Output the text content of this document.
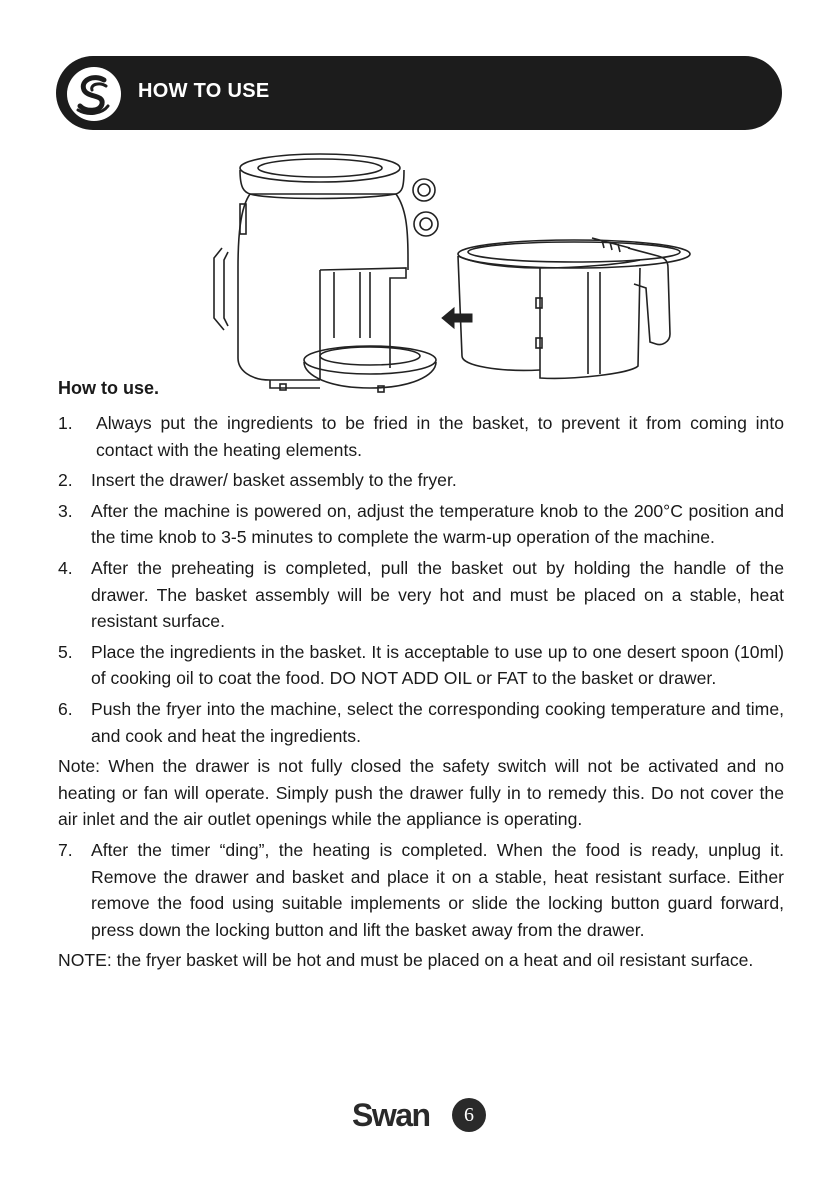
HOW TO USE
How to use.
1.	Always put the ingredients to be fried in the basket, to prevent it from coming into contact with the heating elements.
2.	Insert the drawer/ basket assembly to the fryer.
3.	After the machine is powered on, adjust the temperature knob to the 200°C position and the time knob to 3-5 minutes to complete the warm-up operation of the machine.
4.	After the preheating is completed, pull the basket out by holding the handle of the drawer. The basket assembly will be very hot and must be placed on a stable, heat resistant surface.
5.	Place the ingredients in the basket. It is acceptable to use up to one desert spoon (10ml) of cooking oil to coat the food. DO NOT ADD OIL or FAT to the basket or drawer.
6.	Push the fryer into the machine, select the corresponding cooking temperature and time, and cook and heat the ingredients.

Note: When the drawer is not fully closed the safety switch will not be activated and no heating or fan will operate. Simply push the drawer fully in to remedy this. Do not cover the air inlet and the air outlet openings while the appliance is operating.

7.	After the timer “ding”, the heating is completed. When the food is ready, unplug it. Remove the drawer and basket and place it on a stable, heat resistant surface. Either remove the food using suitable implements or slide the locking button guard forward, press down the locking button and lift the basket away from the drawer.

NOTE: the fryer basket will be hot and must be placed on a heat and oil resistant surface.

Swan	6
